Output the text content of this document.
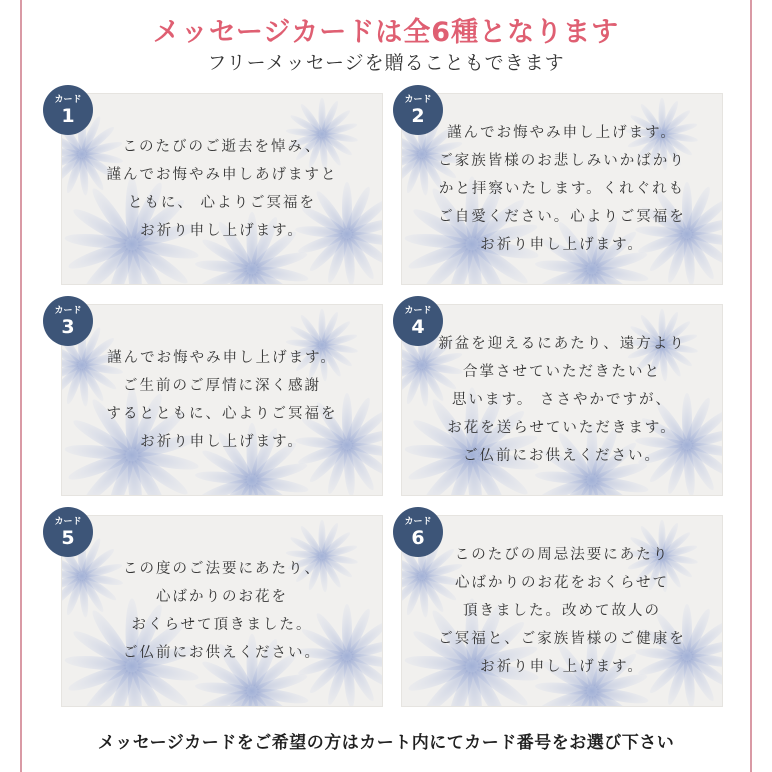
メッセージカードは全6種となります
フリーメッセージを贈ることもできます
カード
1
このたびのご逝去を悼み、
謹んでお悔やみ申しあげますと
ともに、 心よりご冥福を
お祈り申し上げます。
カード
2
謹んでお悔やみ申し上げます。
ご家族皆様のお悲しみいかばかり
かと拝察いたします。くれぐれも
ご自愛ください。心よりご冥福を
お祈り申し上げます。
カード
3
謹んでお悔やみ申し上げます。
ご生前のご厚情に深く感謝
するとともに、心よりご冥福を
お祈り申し上げます。
カード
4
新盆を迎えるにあたり、遠方より
合掌させていただきたいと
思います。 ささやかですが、
お花を送らせていただきます。
ご仏前にお供えください。
カード
5
この度のご法要にあたり、
心ばかりのお花を
おくらせて頂きました。
ご仏前にお供えください。
カード
6
このたびの周忌法要にあたり
心ばかりのお花をおくらせて
頂きました。改めて故人の
ご冥福と、ご家族皆様のご健康を
お祈り申し上げます。
メッセージカードをご希望の方はカート内にてカード番号をお選び下さい
